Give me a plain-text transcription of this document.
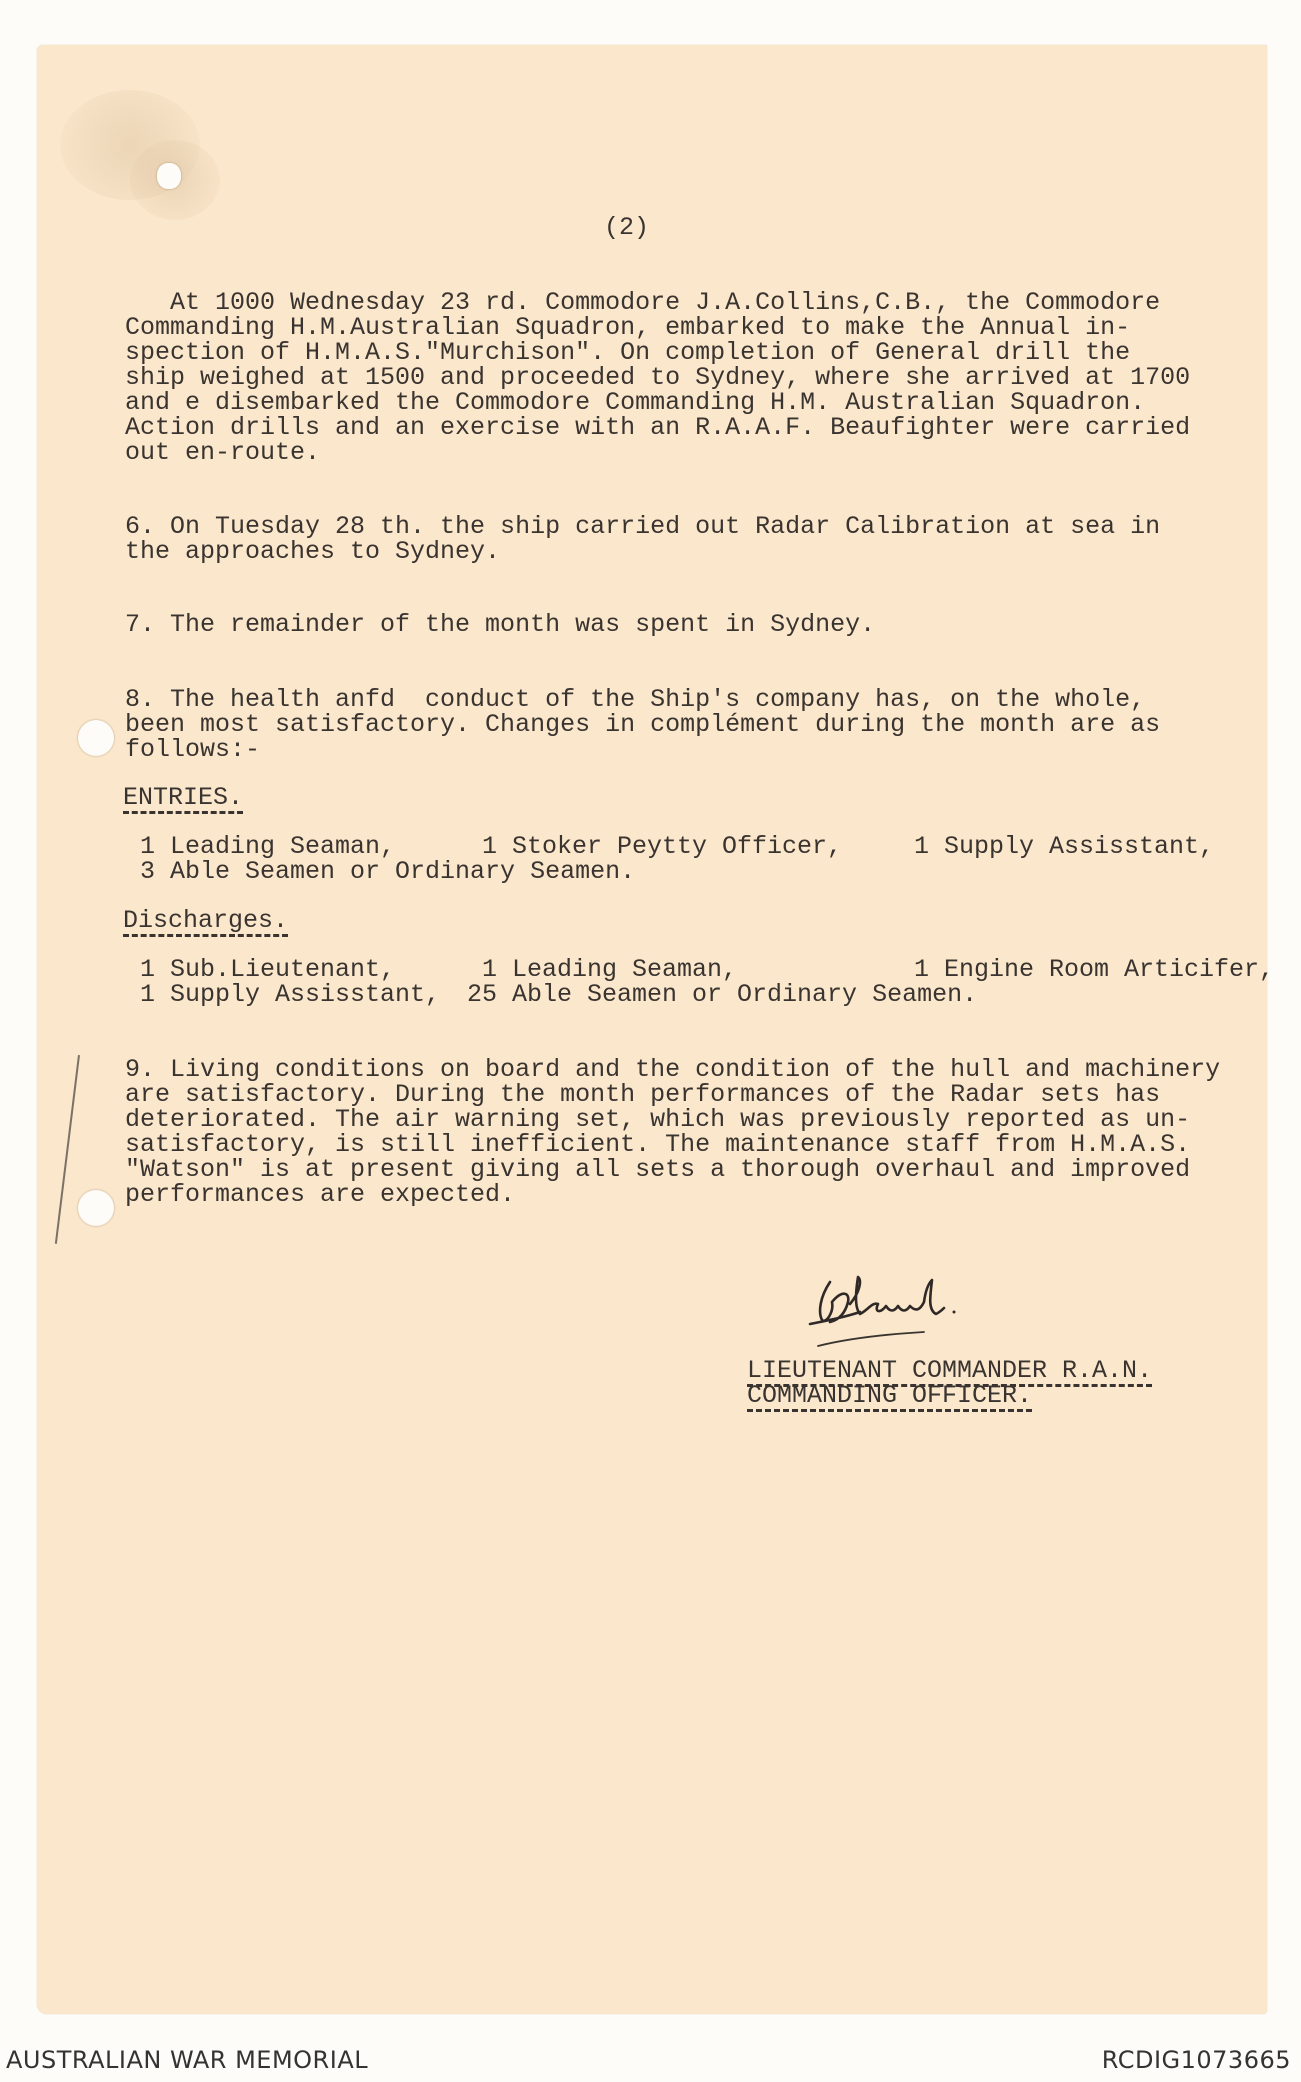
(2)
At 1000 Wednesday 23 rd. Commodore J.A.Collins,C.B., the Commodore
Commanding H.M.Australian Squadron, embarked to make the Annual in-
spection of H.M.A.S."Murchison". On completion of General drill the
ship weighed at 1500 and proceeded to Sydney, where she arrived at 1700
and e disembarked the Commodore Commanding H.M. Australian Squadron.
Action drills and an exercise with an R.A.A.F. Beaufighter were carried
out en-route.
6. On Tuesday 28 th. the ship carried out Radar Calibration at sea in
the approaches to Sydney.
7. The remainder of the month was spent in Sydney.
8. The health anfd  conduct of the Ship's company has, on the whole,
been most satisfactory. Changes in complément during the month are as
follows:-
ENTRIES.
1 Leading Seaman,	1 Stoker Peytty Officer,	1 Supply Assisstant,
3 Able Seamen or Ordinary Seamen.
Discharges.
1 Sub.Lieutenant,	1 Leading Seaman,	1 Engine Room Articifer,
1 Supply Assisstant, 25 Able Seamen or Ordinary Seamen.
9. Living conditions on board and the condition of the hull and machinery
are satisfactory. During the month performances of the Radar sets has
deteriorated. The air warning set, which was previously reported as un-
satisfactory, is still inefficient. The maintenance staff from H.M.A.S.
"Watson" is at present giving all sets a thorough overhaul and improved
performances are expected.
LIEUTENANT COMMANDER R.A.N.
COMMANDING OFFICER.
AUSTRALIAN WAR MEMORIAL	RCDIG1073665
